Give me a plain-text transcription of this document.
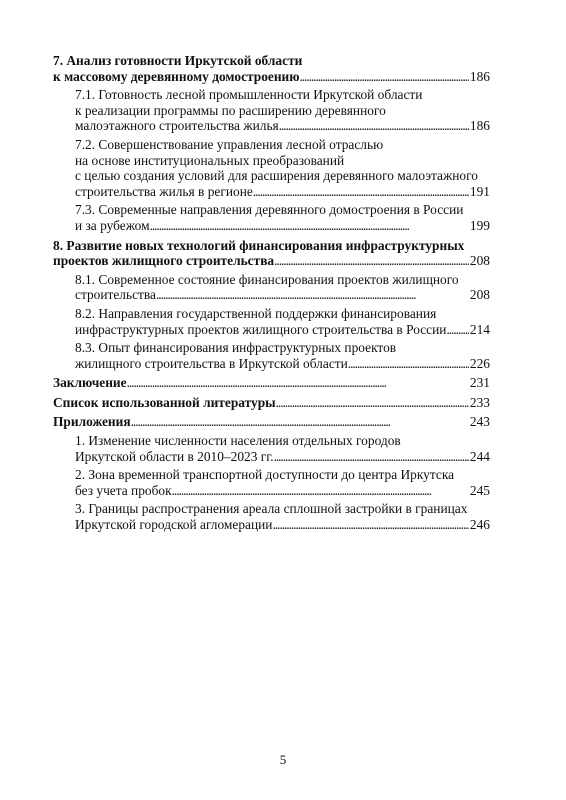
7. Анализ готовности Иркутской области
к массовому деревянному домостроению . . .	186
7.1. Готовность лесной промышленности Иркутской области
к реализации программы по расширению деревянного
малоэтажного строительства жилья . . .	186
7.2. Совершенствование управления лесной отраслью
на основе институциональных преобразований
с целью создания условий для расширения деревянного малоэтажного
строительства жилья в регионе . . .	191
7.3. Современные направления деревянного домостроения в России
и за рубежом . . .	199
8. Развитие новых технологий финансирования инфраструктурных
проектов жилищного строительства . . .	208
8.1. Современное состояние финансирования проектов жилищного
строительства . . .	208
8.2. Направления государственной поддержки финансирования
инфраструктурных проектов жилищного строительства в России . . . 214
8.3. Опыт финансирования инфраструктурных проектов
жилищного строительства в Иркутской области . . .	226
Заключение . . .	231
Список использованной литературы . . .	233
Приложения . . .	243
1. Изменение численности населения отдельных городов
Иркутской области в 2010–2023 гг. . . .	244
2. Зона временной транспортной доступности до центра Иркутска
без учета пробок . . .	245
3. Границы распространения ареала сплошной застройки в границах
Иркутской городской агломерации . . .	246
5
